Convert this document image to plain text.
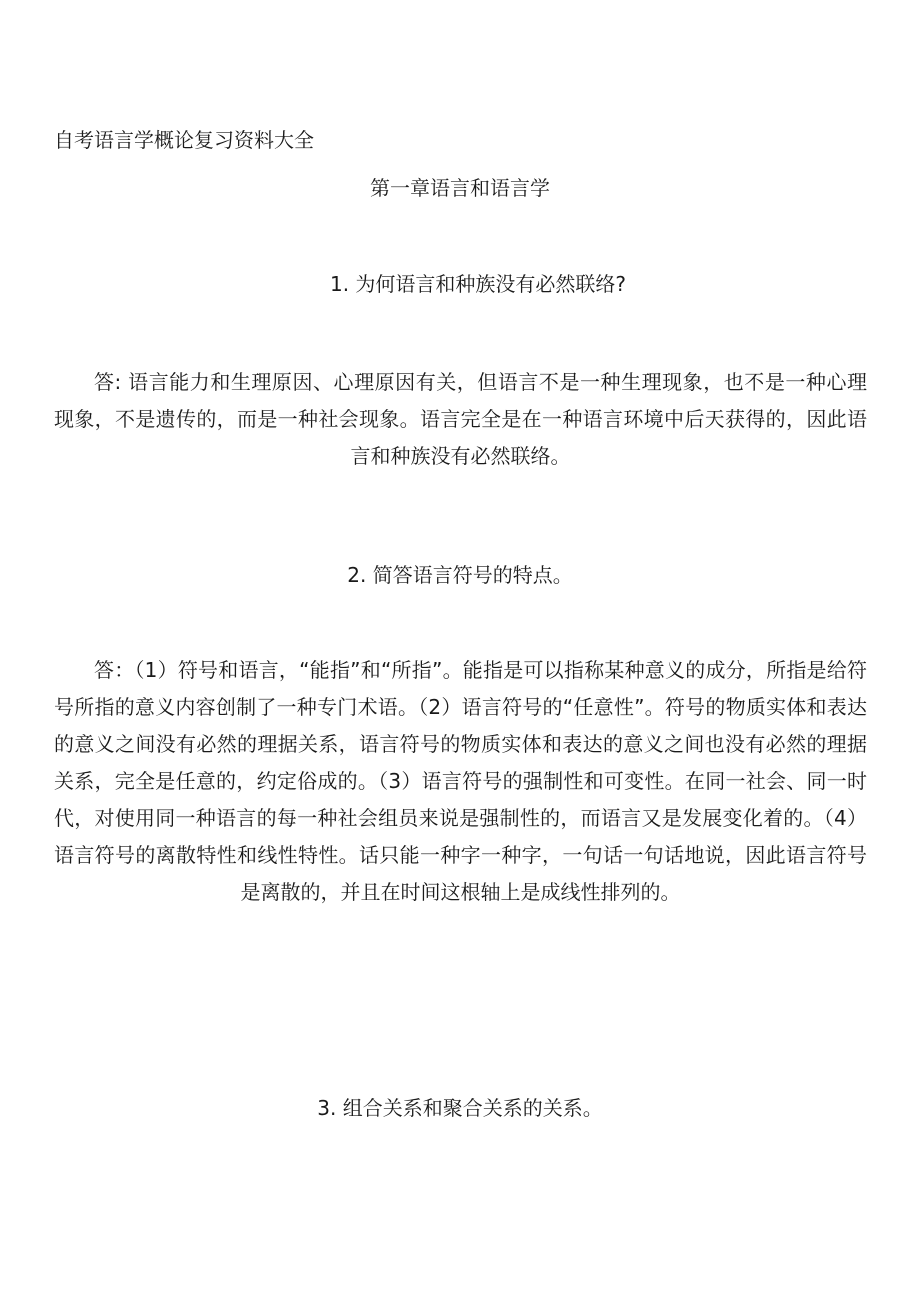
自考语言学概论复习资料大全
第一章语言和语言学
1. 为何语言和种族没有必然联络?
答: 语言能力和生理原因、心理原因有关，但语言不是一种生理现象，也不是一种心理现象，不是遗传的，而是一种社会现象。语言完全是在一种语言环境中后天获得的，因此语言和种族没有必然联络。
2. 简答语言符号的特点。
答：（1）符号和语言，“能指”和“所指”。能指是可以指称某种意义的成分，所指是给符号所指的意义内容创制了一种专门术语。（2）语言符号的“任意性”。符号的物质实体和表达的意义之间没有必然的理据关系，语言符号的物质实体和表达的意义之间也没有必然的理据关系，完全是任意的，约定俗成的。（3）语言符号的强制性和可变性。在同一社会、同一时代，对使用同一种语言的每一种社会组员来说是强制性的，而语言又是发展变化着的。（4）语言符号的离散特性和线性特性。话只能一种字一种字，一句话一句话地说，因此语言符号是离散的，并且在时间这根轴上是成线性排列的。
3. 组合关系和聚合关系的关系。
